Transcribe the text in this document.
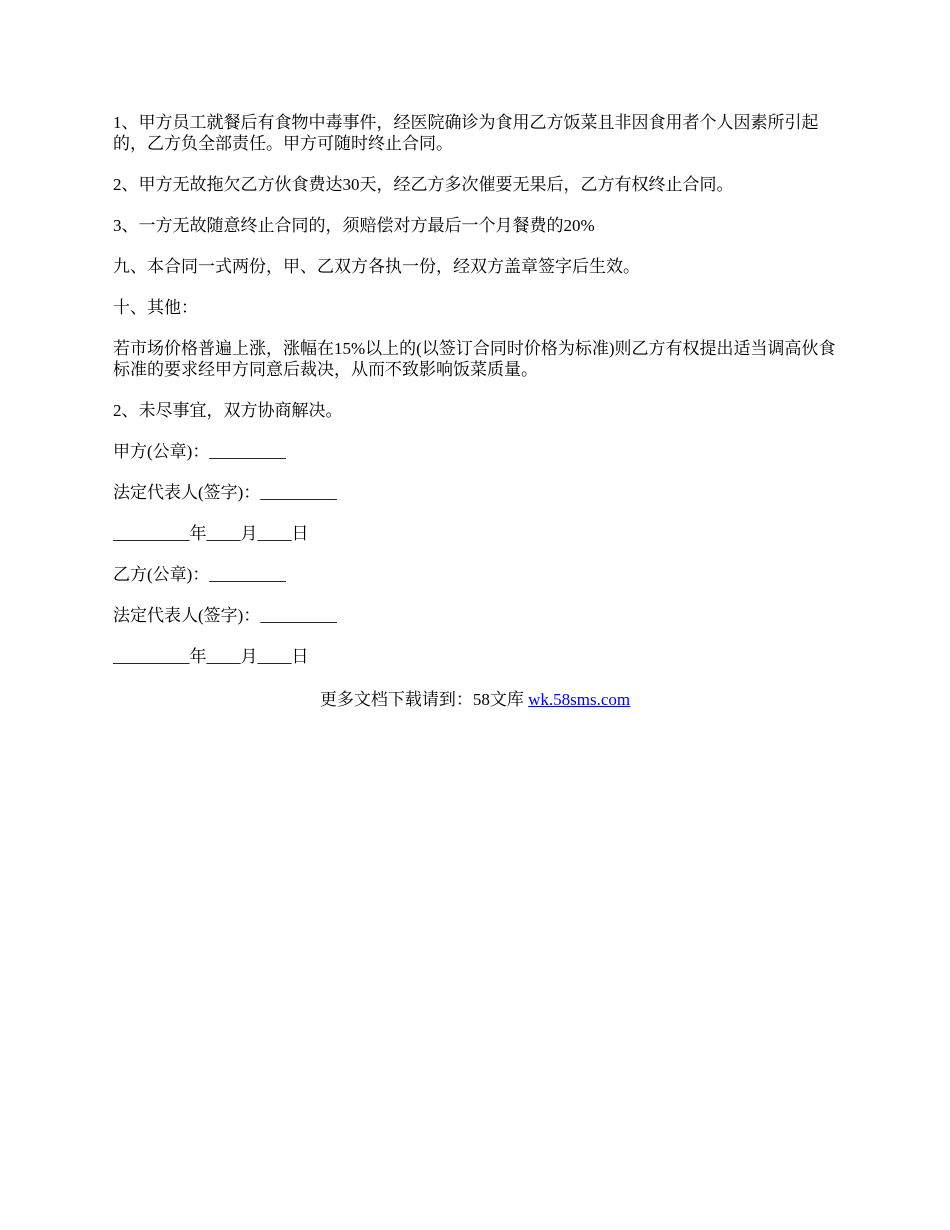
1、甲方员工就餐后有食物中毒事件，经医院确诊为食用乙方饭菜且非因食用者个人因素所引起的，乙方负全部责任。甲方可随时终止合同。

2、甲方无故拖欠乙方伙食费达30天，经乙方多次催要无果后，乙方有权终止合同。

3、一方无故随意终止合同的，须赔偿对方最后一个月餐费的20%

九、本合同一式两份，甲、乙双方各执一份，经双方盖章签字后生效。

十、其他：

若市场价格普遍上涨，涨幅在15%以上的(以签订合同时价格为标准)则乙方有权提出适当调高伙食标准的要求经甲方同意后裁决，从而不致影响饭菜质量。

2、未尽事宜，双方协商解决。

甲方(公章)：_________

法定代表人(签字)：_________

_________年____月____日

乙方(公章)：_________

法定代表人(签字)：_________

_________年____月____日

更多文档下载请到：58文库 wk.58sms.com
